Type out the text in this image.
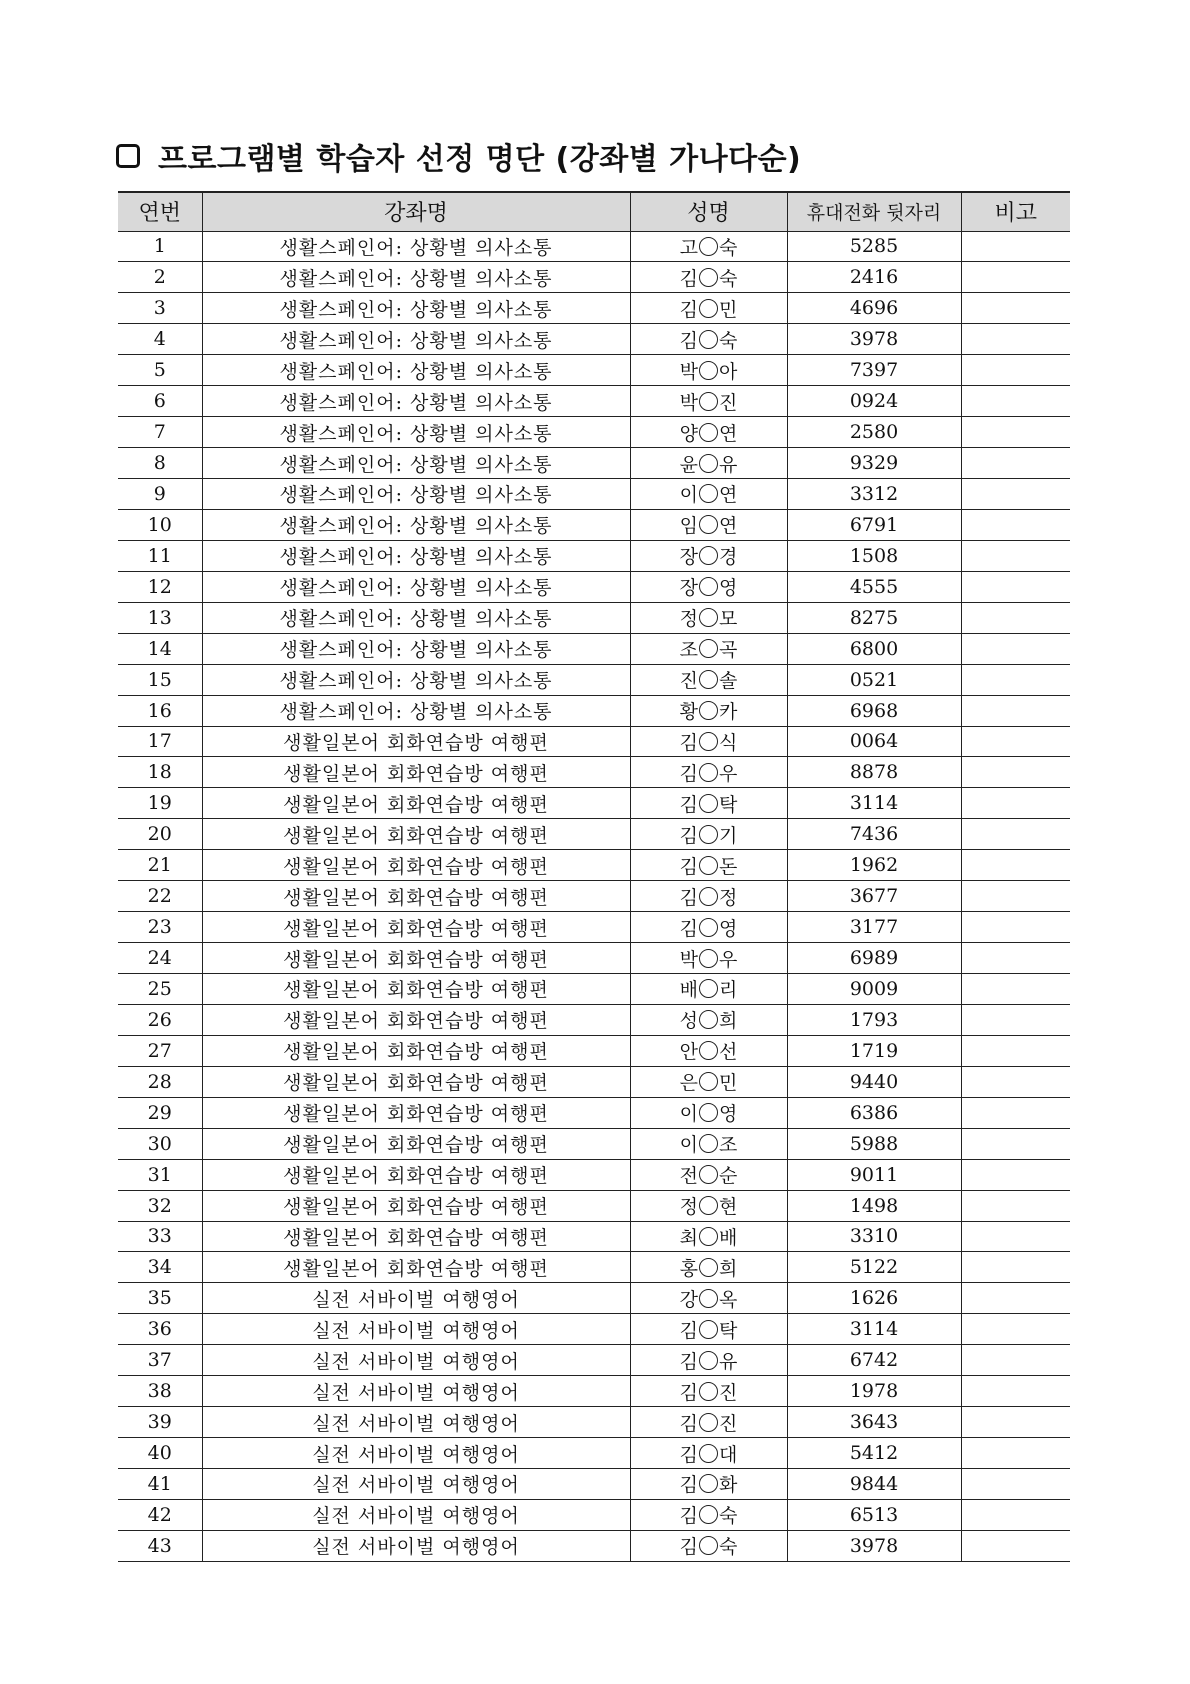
프로그램별 학습자 선정 명단 (강좌별 가나다순)
연번	강좌명	성명	휴대전화 뒷자리	비고
1	생활스페인어: 상황별 의사소통	고 숙	5285	
2	생활스페인어: 상황별 의사소통	김 숙	2416	
3	생활스페인어: 상황별 의사소통	김 민	4696	
4	생활스페인어: 상황별 의사소통	김 숙	3978	
5	생활스페인어: 상황별 의사소통	박 아	7397	
6	생활스페인어: 상황별 의사소통	박 진	0924	
7	생활스페인어: 상황별 의사소통	양 연	2580	
8	생활스페인어: 상황별 의사소통	윤 유	9329	
9	생활스페인어: 상황별 의사소통	이 연	3312	
10	생활스페인어: 상황별 의사소통	임 연	6791	
11	생활스페인어: 상황별 의사소통	장 경	1508	
12	생활스페인어: 상황별 의사소통	장 영	4555	
13	생활스페인어: 상황별 의사소통	정 모	8275	
14	생활스페인어: 상황별 의사소통	조 곡	6800	
15	생활스페인어: 상황별 의사소통	진 솔	0521	
16	생활스페인어: 상황별 의사소통	황 카	6968	
17	생활일본어 회화연습방 여행편	김 식	0064	
18	생활일본어 회화연습방 여행편	김 우	8878	
19	생활일본어 회화연습방 여행편	김 탁	3114	
20	생활일본어 회화연습방 여행편	김 기	7436	
21	생활일본어 회화연습방 여행편	김 돈	1962	
22	생활일본어 회화연습방 여행편	김 정	3677	
23	생활일본어 회화연습방 여행편	김 영	3177	
24	생활일본어 회화연습방 여행편	박 우	6989	
25	생활일본어 회화연습방 여행편	배 리	9009	
26	생활일본어 회화연습방 여행편	성 희	1793	
27	생활일본어 회화연습방 여행편	안 선	1719	
28	생활일본어 회화연습방 여행편	은 민	9440	
29	생활일본어 회화연습방 여행편	이 영	6386	
30	생활일본어 회화연습방 여행편	이 조	5988	
31	생활일본어 회화연습방 여행편	전 순	9011	
32	생활일본어 회화연습방 여행편	정 현	1498	
33	생활일본어 회화연습방 여행편	최 배	3310	
34	생활일본어 회화연습방 여행편	홍 희	5122	
35	실전 서바이벌 여행영어	강 옥	1626	
36	실전 서바이벌 여행영어	김 탁	3114	
37	실전 서바이벌 여행영어	김 유	6742	
38	실전 서바이벌 여행영어	김 진	1978	
39	실전 서바이벌 여행영어	김 진	3643	
40	실전 서바이벌 여행영어	김 대	5412	
41	실전 서바이벌 여행영어	김 화	9844	
42	실전 서바이벌 여행영어	김 숙	6513	
43	실전 서바이벌 여행영어	김 숙	3978	
